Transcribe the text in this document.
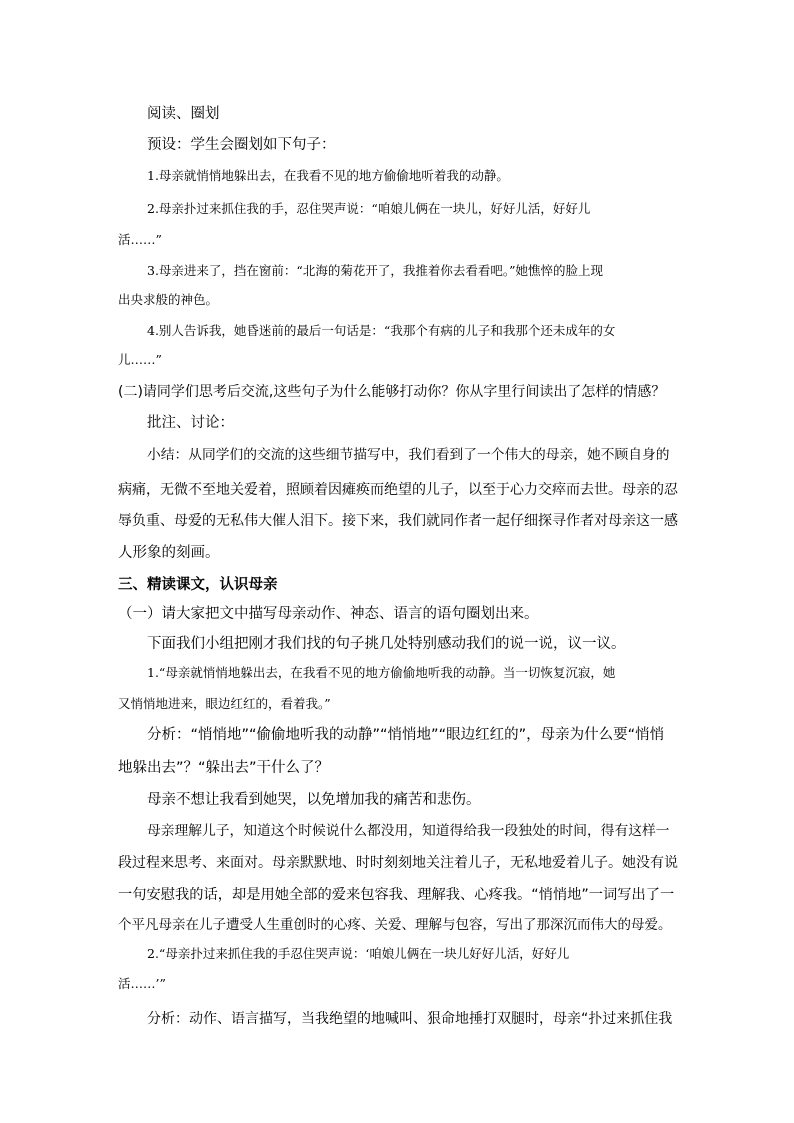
阅读、圈划
预设：学生会圈划如下句子：
1.母亲就悄悄地躲出去，在我看不见的地方偷偷地听着我的动静。
2.母亲扑过来抓住我的手，忍住哭声说：“咱娘儿俩在一块儿，好好儿活，好好儿
活……”
3.母亲进来了，挡在窗前：“北海的菊花开了，我推着你去看看吧。”她憔悴的脸上现
出央求般的神色。
4.别人告诉我，她昏迷前的最后一句话是：“我那个有病的儿子和我那个还未成年的女
儿……”
(二)请同学们思考后交流,这些句子为什么能够打动你？你从字里行间读出了怎样的情感？
批注、讨论：
小结：从同学们的交流的这些细节描写中，我们看到了一个伟大的母亲，她不顾自身的
病痛，无微不至地关爱着，照顾着因瘫痪而绝望的儿子，以至于心力交瘁而去世。母亲的忍
辱负重、母爱的无私伟大催人泪下。接下来，我们就同作者一起仔细探寻作者对母亲这一感
人形象的刻画。
三、精读课文，认识母亲
（一）请大家把文中描写母亲动作、神态、语言的语句圈划出来。
下面我们小组把刚才我们找的句子挑几处特别感动我们的说一说，议一议。
1.“母亲就悄悄地躲出去，在我看不见的地方偷偷地听我的动静。当一切恢复沉寂，她
又悄悄地进来，眼边红红的，看着我。”
分析：“悄悄地”“偷偷地听我的动静”“悄悄地”“眼边红红的”，母亲为什么要“悄悄
地躲出去”？“躲出去”干什么了？
母亲不想让我看到她哭，以免增加我的痛苦和悲伤。
母亲理解儿子，知道这个时候说什么都没用，知道得给我一段独处的时间，得有这样一
段过程来思考、来面对。母亲默默地、时时刻刻地关注着儿子，无私地爱着儿子。她没有说
一句安慰我的话，却是用她全部的爱来包容我、理解我、心疼我。“悄悄地”一词写出了一
个平凡母亲在儿子遭受人生重创时的心疼、关爱、理解与包容，写出了那深沉而伟大的母爱。
2.“母亲扑过来抓住我的手忍住哭声说：‘咱娘儿俩在一块儿好好儿活，好好儿
活……’”
分析：动作、语言描写，当我绝望的地喊叫、狠命地捶打双腿时，母亲“扑过来抓住我
